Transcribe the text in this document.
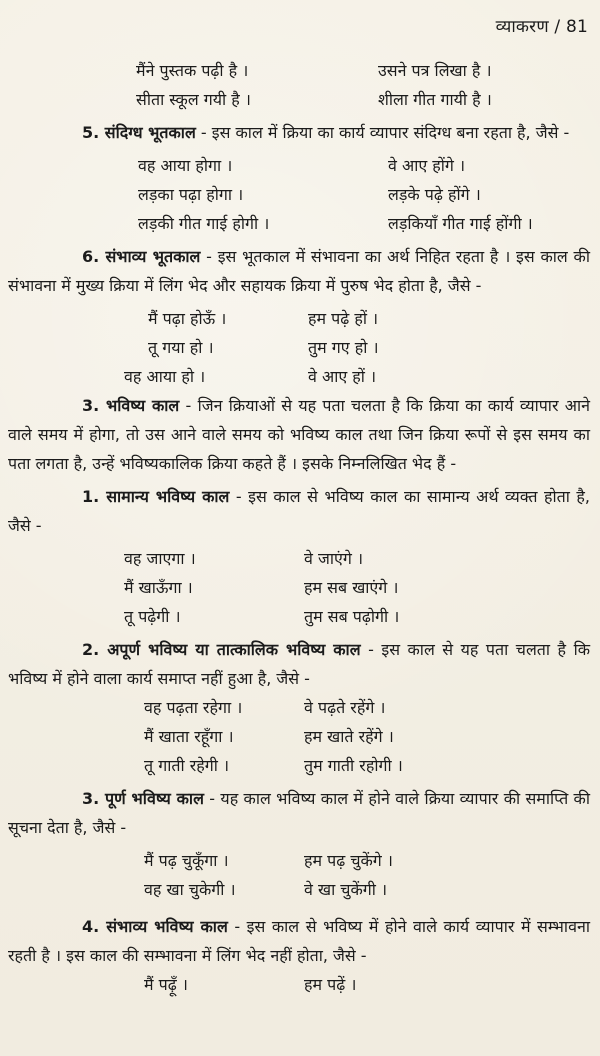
व्याकरण / 81
मैंने पुस्तक पढ़ी है ।	उसने पत्र लिखा है ।
सीता स्कूल गयी है ।	शीला गीत गायी है ।

5. संदिग्ध भूतकाल - इस काल में क्रिया का कार्य व्यापार संदिग्ध बना रहता है, जैसे -

वह आया होगा ।	वे आए होंगे ।
लड़का पढ़ा होगा ।	लड़के पढ़े होंगे ।
लड़की गीत गाई होगी ।	लड़कियाँ गीत गाई होंगी ।

6. संभाव्य भूतकाल - इस भूतकाल में संभावना का अर्थ निहित रहता है । इस काल की संभावना में मुख्य क्रिया में लिंग भेद और सहायक क्रिया में पुरुष भेद होता है, जैसे -

मैं पढ़ा होऊँ ।	हम पढ़े हों ।
तू गया हो ।	तुम गए हो ।
वह आया हो ।	वे आए हों ।

3. भविष्य काल - जिन क्रियाओं से यह पता चलता है कि क्रिया का कार्य व्यापार आने वाले समय में होगा, तो उस आने वाले समय को भविष्य काल तथा जिन क्रिया रूपों से इस समय का पता लगता है, उन्हें भविष्यकालिक क्रिया कहते हैं । इसके निम्नलिखित भेद हैं -

1. सामान्य भविष्य काल - इस काल से भविष्य काल का सामान्य अर्थ व्यक्त होता है, जैसे -

वह जाएगा ।	वे जाएंगे ।
मैं खाऊँगा ।	हम सब खाएंगे ।
तू पढ़ेगी ।	तुम सब पढ़ोगी ।

2. अपूर्ण भविष्य या तात्कालिक भविष्य काल - इस काल से यह पता चलता है कि भविष्य में होने वाला कार्य समाप्त नहीं हुआ है, जैसे -

वह पढ़ता रहेगा ।	वे पढ़ते रहेंगे ।
मैं खाता रहूँगा ।	हम खाते रहेंगे ।
तू गाती रहेगी ।	तुम गाती रहोगी ।

3. पूर्ण भविष्य काल - यह काल भविष्य काल में होने वाले क्रिया व्यापार की समाप्ति की सूचना देता है, जैसे -

मैं पढ़ चुकूँगा ।	हम पढ़ चुकेंगे ।
वह खा चुकेगी ।	वे खा चुकेंगी ।

4. संभाव्य भविष्य काल - इस काल से भविष्य में होने वाले कार्य व्यापार में सम्भावना रहती है । इस काल की सम्भावना में लिंग भेद नहीं होता, जैसे -

मैं पढ़ूँ ।	हम पढ़ें ।
